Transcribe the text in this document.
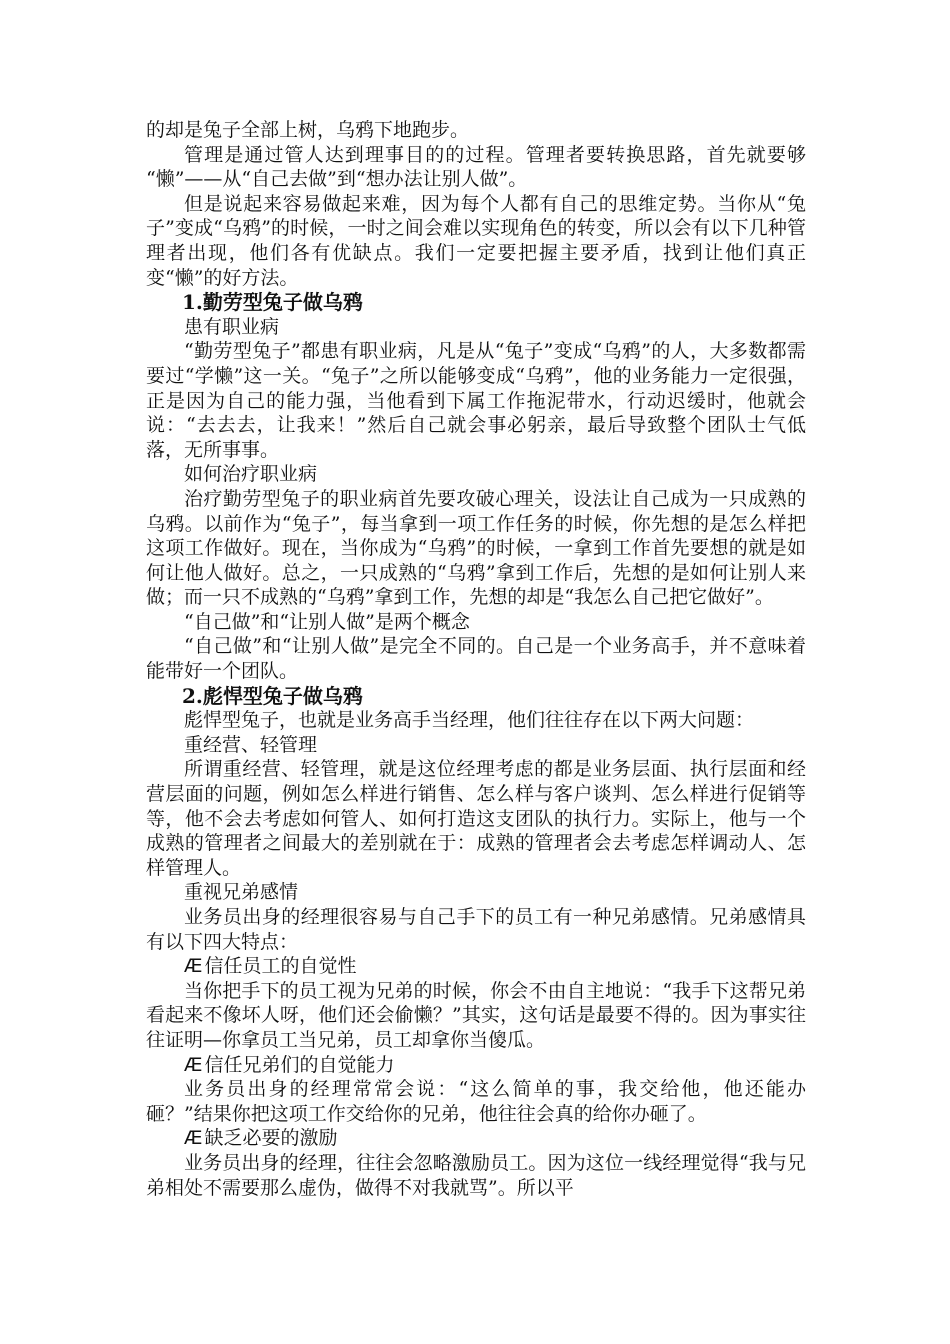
的却是兔子全部上树，乌鸦下地跑步。

管理是通过管人达到理事目的的过程。管理者要转换思路，首先就要够 “懒”——从“自己去做”到“想办法让别人做”。

但是说起来容易做起来难，因为每个人都有自己的思维定势。当你从“兔子”变成“乌鸦”的时候，一时之间会难以实现角色的转变，所以会有以下几种管理者出现，他们各有优缺点。我们一定要把握主要矛盾，找到让他们真正变“懒”的好方法。

1.勤劳型兔子做乌鸦

患有职业病

“勤劳型兔子”都患有职业病，凡是从“兔子”变成“乌鸦”的人，大多数都需要过“学懒”这一关。“兔子”之所以能够变成“乌鸦”，他的业务能力一定很强，正是因为自己的能力强，当他看到下属工作拖泥带水，行动迟缓时，他就会说：“去去去，让我来！”然后自己就会事必躬亲，最后导致整个团队士气低落，无所事事。

如何治疗职业病

治疗勤劳型兔子的职业病首先要攻破心理关，设法让自己成为一只成熟的乌鸦。以前作为“兔子”，每当拿到一项工作任务的时候，你先想的是怎么样把这项工作做好。现在，当你成为“乌鸦”的时候，一拿到工作首先要想的就是如何让他人做好。总之，一只成熟的“乌鸦”拿到工作后，先想的是如何让别人来做；而一只不成熟的“乌鸦”拿到工作，先想的却是“我怎么自己把它做好”。

“自己做”和“让别人做”是两个概念

“自己做”和“让别人做”是完全不同的。自己是一个业务高手，并不意味着能带好一个团队。

2.彪悍型兔子做乌鸦

彪悍型兔子，也就是业务高手当经理，他们往往存在以下两大问题：

重经营、轻管理

所谓重经营、轻管理，就是这位经理考虑的都是业务层面、执行层面和经营层面的问题，例如怎么样进行销售、怎么样与客户谈判、怎么样进行促销等等，他不会去考虑如何管人、如何打造这支团队的执行力。实际上，他与一个成熟的管理者之间最大的差别就在于：成熟的管理者会去考虑怎样调动人、怎样管理人。

重视兄弟感情

业务员出身的经理很容易与自己手下的员工有一种兄弟感情。兄弟感情具有以下四大特点：

Æ 信任员工的自觉性

当你把手下的员工视为兄弟的时候，你会不由自主地说：“我手下这帮兄弟看起来不像坏人呀，他们还会偷懒？”其实，这句话是最要不得的。因为事实往往证明—你拿员工当兄弟，员工却拿你当傻瓜。

Æ 信任兄弟们的自觉能力

业务员出身的经理常常会说：“这么简单的事，我交给他，他还能办砸？”结果你把这项工作交给你的兄弟，他往往会真的给你办砸了。

Æ 缺乏必要的激励

业务员出身的经理，往往会忽略激励员工。因为这位一线经理觉得“我与兄弟相处不需要那么虚伪，做得不对我就骂”。所以平
